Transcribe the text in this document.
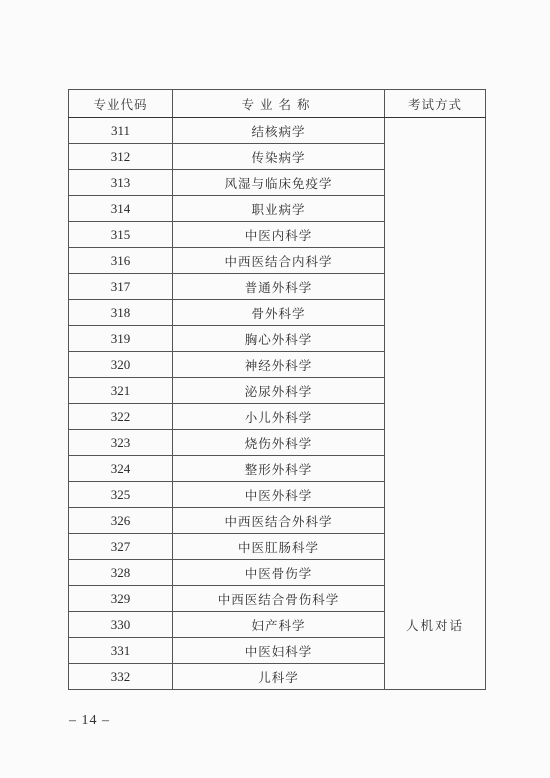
专业代码	专业名称	考试方式
311	结核病学	
312	传染病学	
313	风湿与临床免疫学	
314	职业病学	
315	中医内科学	
316	中西医结合内科学	
317	普通外科学	
318	骨外科学	
319	胸心外科学	
320	神经外科学	
321	泌尿外科学	
322	小儿外科学	
323	烧伤外科学	
324	整形外科学	
325	中医外科学	
326	中西医结合外科学	
327	中医肛肠科学	
328	中医骨伤学	
329	中西医结合骨伤科学	
330	妇产科学	人机对话
331	中医妇科学	
332	儿科学	
– 14 –
